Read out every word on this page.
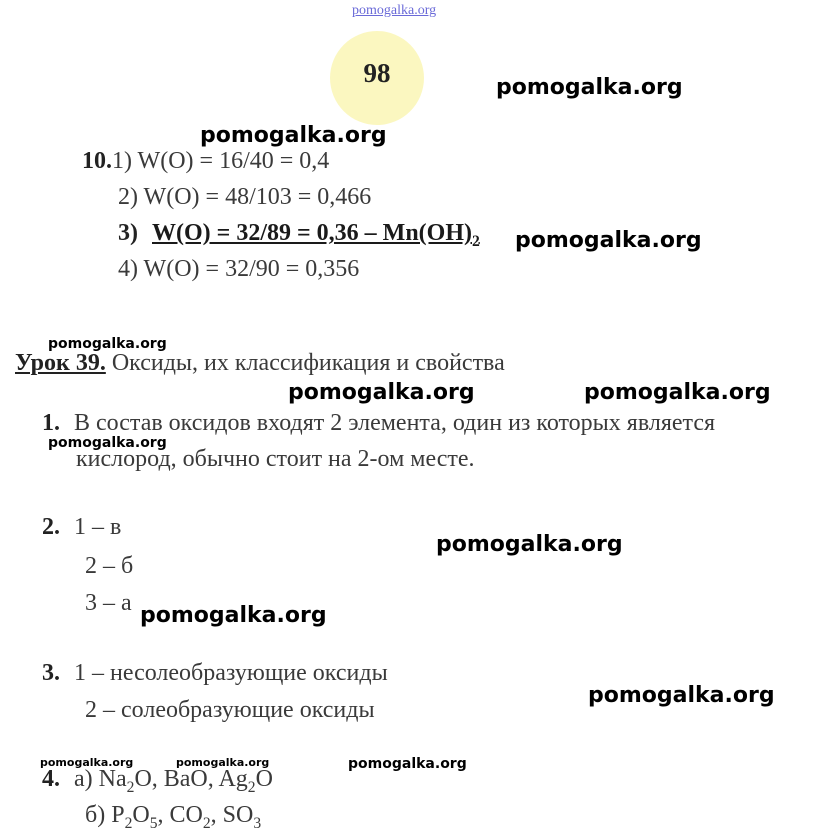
pomogalka.org
98	pomogalka.org
pomogalka.org
10.1) W(O) = 16/40 = 0,4
2) W(O) = 48/103 = 0,466
3) $W(O) = 32/89 = 0,36 - Mn(OH)_2$ pomogalka.org
4) W(O) = 32/90 = 0,356
pomogalka.org
Урок 39. Оксиды, их классификация и свойства
pomogalka.org	pomogalka.org
1. В состав оксидов входят 2 элемента, один из которых является
pomogalka.org
кислород, обычно стоит на 2-ом месте.
2. 1 – в
pomogalka.org
2 – б
3 – а pomogalka.org
3. 1 – несолеобразующие оксиды
pomogalka.org
2 – солеобразующие оксиды
pomogalka.org	pomogalka.org	pomogalka.org
4. а) $Na_2O$, BaO, $Ag_2O$
б) $P_2O_5$, $CO_2$, $SO_3$
